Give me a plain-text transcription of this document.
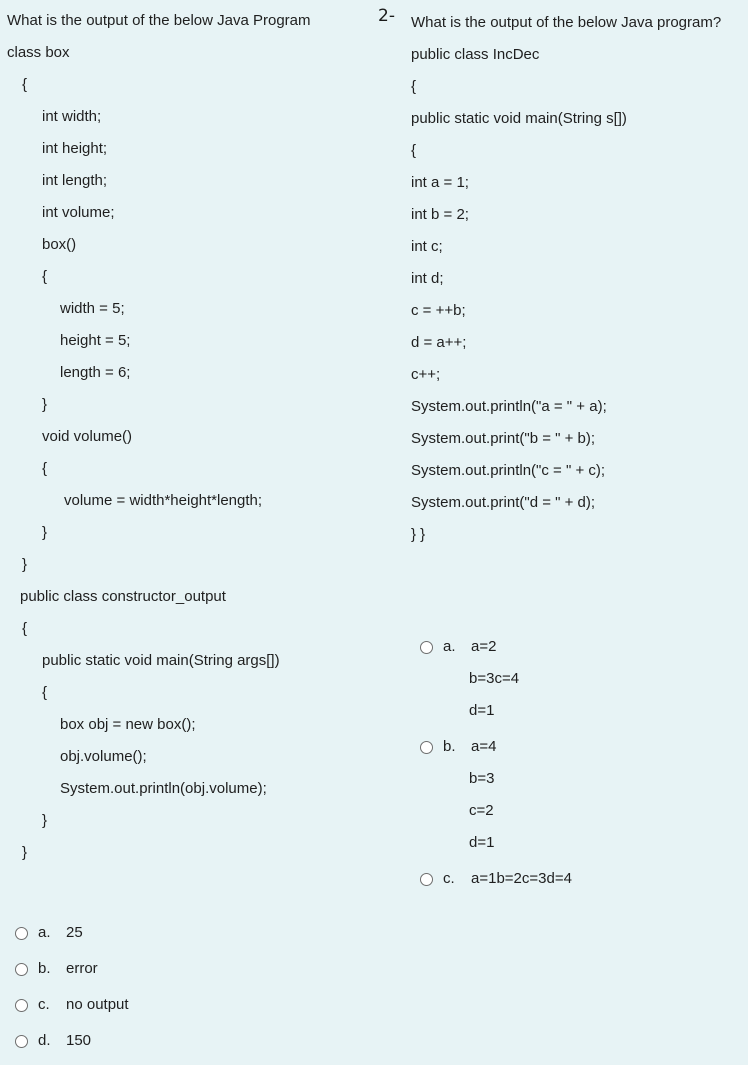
What is the output of the below Java Program
class box
{
int width;
int height;
int length;
int volume;
box()
{
width = 5;
height = 5;
length = 6;
}
void volume()
{
volume = width*height*length;
}
}
public class constructor_output
{
public static void main(String args[])
{
box obj = new box();
obj.volume();
System.out.println(obj.volume);
}
}
a.	25
b.	error
c.	no output
d.	150
2- What is the output of the below Java program?
public class IncDec
{
public static void main(String s[])
{
int a = 1;
int b = 2;
int c;
int d;
c = ++b;
d = a++;
c++;
System.out.println("a = " + a);
System.out.print("b = " + b);
System.out.println("c = " + c);
System.out.print("d = " + d);
} }
a.	a=2
b=3c=4
d=1
b.	a=4
b=3
c=2
d=1
c.	a=1b=2c=3d=4
